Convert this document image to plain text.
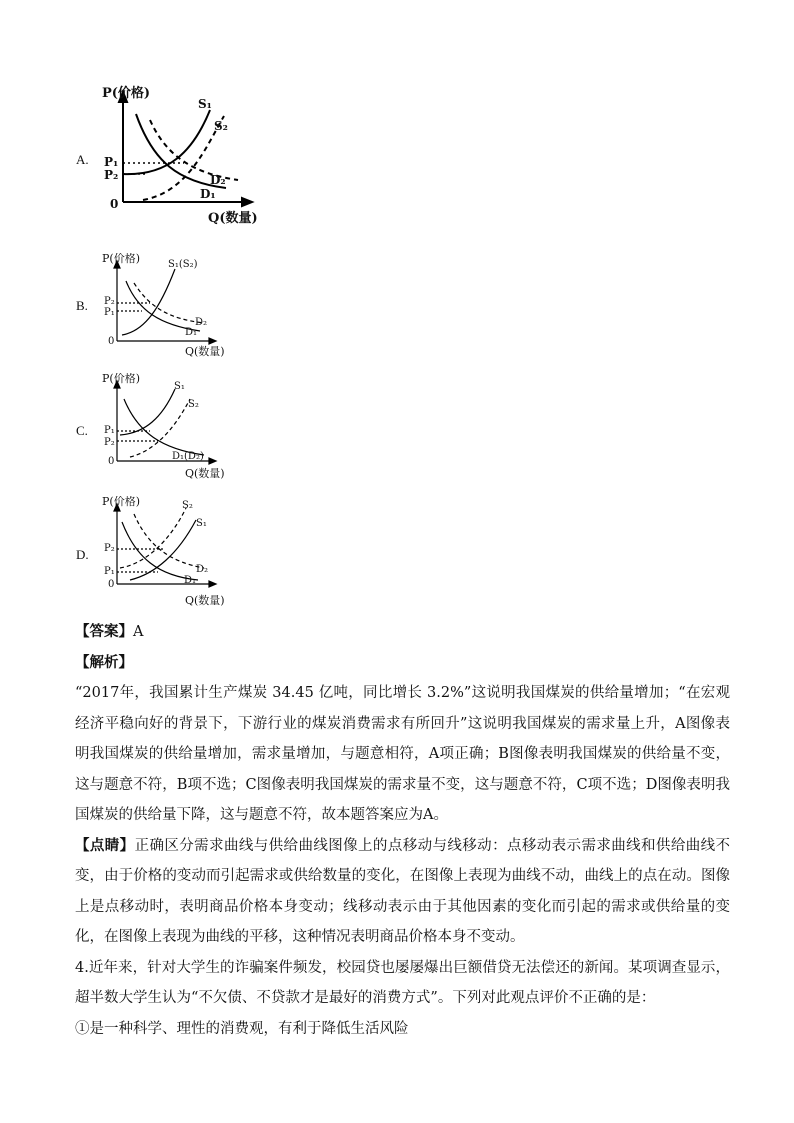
A.
P(价格)
Q(数量)
0
S₁
S₂
D₂
D₁
P₁
P₂
B.
P(价格)
Q(数量)
0
S₁(S₂)
D₂
D₁
P₂
P₁
C.
P(价格)
Q(数量)
0
S₁
S₂
D₁(D₂)
P₁
P₂
D.
P(价格)
Q(数量)
0
S₂
S₁
D₂
D₁
P₂
P₁

【答案】A

【解析】

“2017年，我国累计生产煤炭 34.45 亿吨，同比增长 3.2%”这说明我国煤炭的供给量增加；“在宏观经济平稳向好的背景下，下游行业的煤炭消费需求有所回升”这说明我国煤炭的需求量上升，A图像表明我国煤炭的供给量增加，需求量增加，与题意相符，A项正确；B图像表明我国煤炭的供给量不变，这与题意不符，B项不选；C图像表明我国煤炭的需求量不变，这与题意不符，C项不选；D图像表明我国煤炭的供给量下降，这与题意不符，故本题答案应为A。

【点睛】正确区分需求曲线与供给曲线图像上的点移动与线移动：点移动表示需求曲线和供给曲线不变，由于价格的变动而引起需求或供给数量的变化，在图像上表现为曲线不动，曲线上的点在动。图像上是点移动时，表明商品价格本身变动；线移动表示由于其他因素的变化而引起的需求或供给量的变化，在图像上表现为曲线的平移，这种情况表明商品价格本身不变动。

4.近年来，针对大学生的诈骗案件频发，校园贷也屡屡爆出巨额借贷无法偿还的新闻。某项调查显示，超半数大学生认为“不欠债、不贷款才是最好的消费方式”。下列对此观点评价不正确的是：

①是一种科学、理性的消费观，有利于降低生活风险
